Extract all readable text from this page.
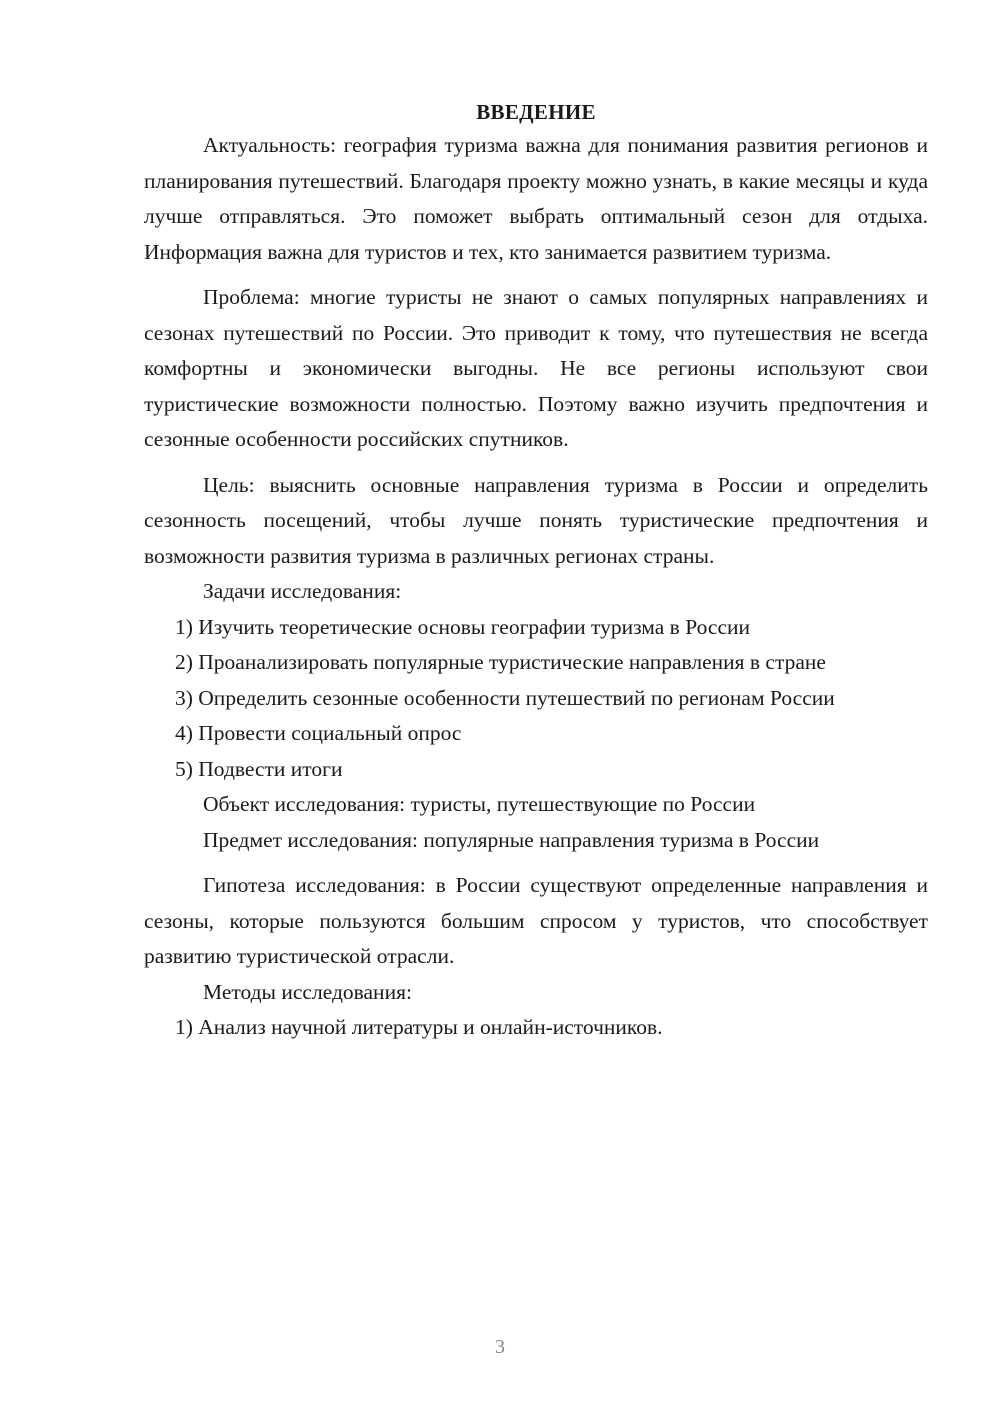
ВВЕДЕНИЕ

Актуальность: география туризма важна для понимания развития регионов и планирования путешествий. Благодаря проекту можно узнать, в какие месяцы и куда лучше отправляться. Это поможет выбрать оптимальный сезон для отдыха. Информация важна для туристов и тех, кто занимается развитием туризма.

Проблема: многие туристы не знают о самых популярных направлениях и сезонах путешествий по России. Это приводит к тому, что путешествия не всегда комфортны и экономически выгодны. Не все регионы используют свои туристические возможности полностью. Поэтому важно изучить предпочтения и сезонные особенности российских спутников.

Цель: выяснить основные направления туризма в России и определить сезонность посещений, чтобы лучше понять туристические предпочтения и возможности развития туризма в различных регионах страны.

Задачи исследования:

1) Изучить теоретические основы географии туризма в России

2) Проанализировать популярные туристические направления в стране

3) Определить сезонные особенности путешествий по регионам России

4) Провести социальный опрос

5) Подвести итоги

Объект исследования: туристы, путешествующие по России

Предмет исследования: популярные направления туризма в России

Гипотеза исследования: в России существуют определенные направления и сезоны, которые пользуются большим спросом у туристов, что способствует развитию туристической отрасли.

Методы исследования:

1) Анализ научной литературы и онлайн-источников.

3
